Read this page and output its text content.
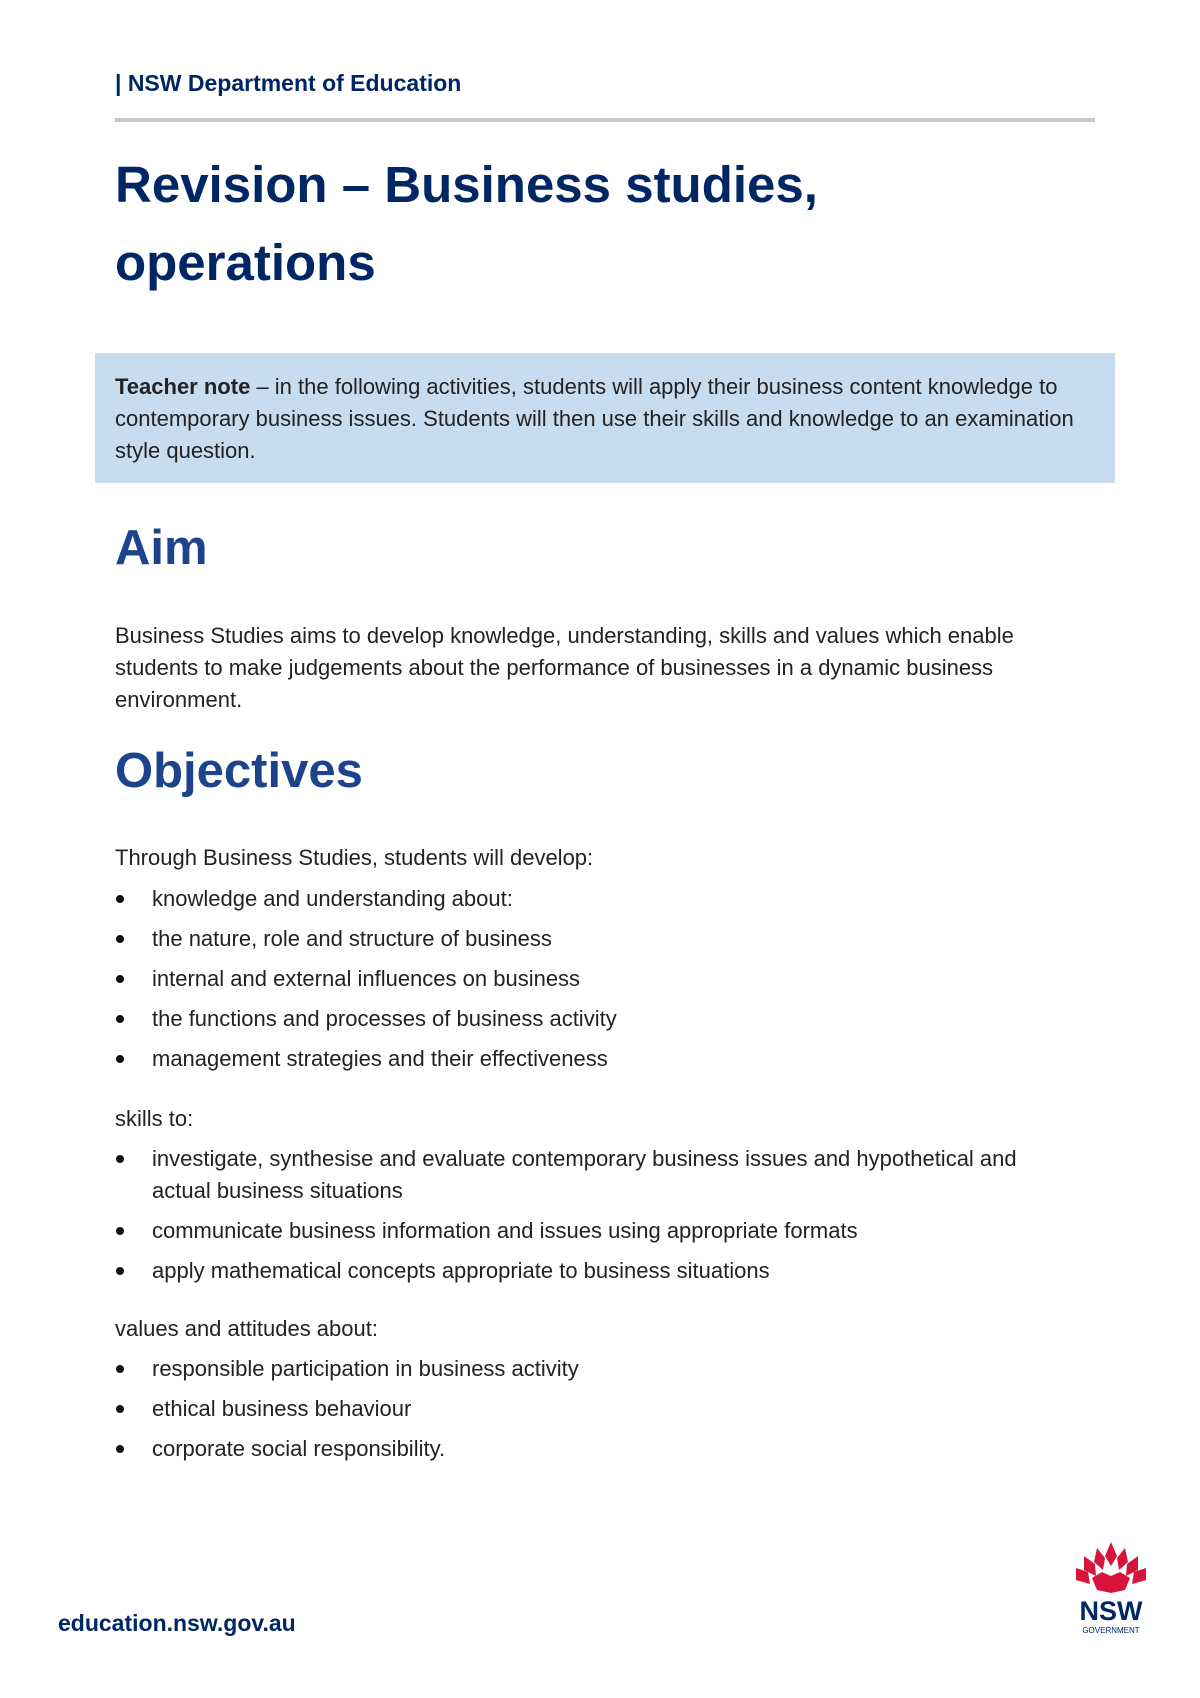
| NSW Department of Education
Revision – Business studies, operations
Teacher note – in the following activities, students will apply their business content knowledge to contemporary business issues. Students will then use their skills and knowledge to an examination style question.
Aim

Business Studies aims to develop knowledge, understanding, skills and values which enable students to make judgements about the performance of businesses in a dynamic business environment.

Objectives

Through Business Studies, students will develop:

knowledge and understanding about:
the nature, role and structure of business
internal and external influences on business
the functions and processes of business activity
management strategies and their effectiveness

skills to:

investigate, synthesise and evaluate contemporary business issues and hypothetical and actual business situations
communicate business information and issues using appropriate formats
apply mathematical concepts appropriate to business situations

values and attitudes about:

responsible participation in business activity
ethical business behaviour
corporate social responsibility.
education.nsw.gov.au	NSW
GOVERNMENT
